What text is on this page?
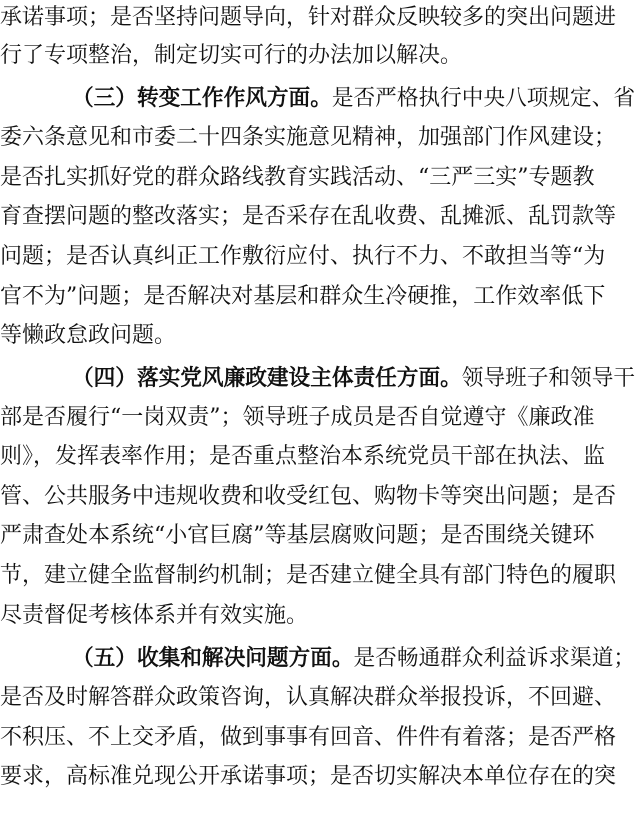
承诺事项；是否坚持问题导向，针对群众反映较多的突出问题进
行了专项整治，制定切实可行的办法加以解决。
（三）转变工作作风方面。是否严格执行中央八项规定、省
委六条意见和市委二十四条实施意见精神，加强部门作风建设；
是否扎实抓好党的群众路线教育实践活动、“三严三实”专题教
育查摆问题的整改落实；是否采存在乱收费、乱摊派、乱罚款等
问题；是否认真纠正工作敷衍应付、执行不力、不敢担当等“为
官不为”问题；是否解决对基层和群众生冷硬推，工作效率低下
等懒政怠政问题。
（四）落实党风廉政建设主体责任方面。领导班子和领导干
部是否履行“一岗双责”；领导班子成员是否自觉遵守《廉政准
则》，发挥表率作用；是否重点整治本系统党员干部在执法、监
管、公共服务中违规收费和收受红包、购物卡等突出问题；是否
严肃查处本系统“小官巨腐”等基层腐败问题；是否围绕关键环
节，建立健全监督制约机制；是否建立健全具有部门特色的履职
尽责督促考核体系并有效实施。
（五）收集和解决问题方面。是否畅通群众利益诉求渠道；
是否及时解答群众政策咨询，认真解决群众举报投诉，不回避、
不积压、不上交矛盾，做到事事有回音、件件有着落；是否严格
要求，高标准兑现公开承诺事项；是否切实解决本单位存在的突
